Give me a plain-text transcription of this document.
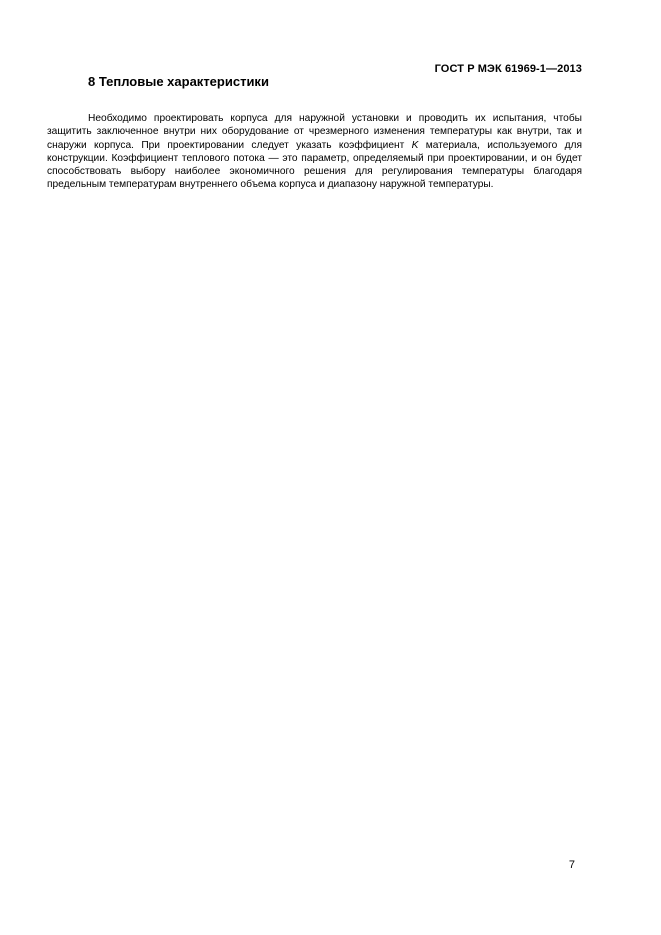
ГОСТ Р МЭК 61969-1—2013
8 Тепловые характеристики

Необходимо проектировать корпуса для наружной установки и проводить их испытания, чтобы защитить заключенное внутри них оборудование от чрезмерного изменения температуры как внутри, так и снаружи корпуса. При проектировании следует указать коэффициент K материала, используемого для конструкции. Коэффициент теплового потока — это параметр, определяемый при проектировании, и он будет способствовать выбору наиболее экономичного решения для регулирования температуры благодаря предельным температурам внутреннего объема корпуса и диапазону наружной температуры.

7
